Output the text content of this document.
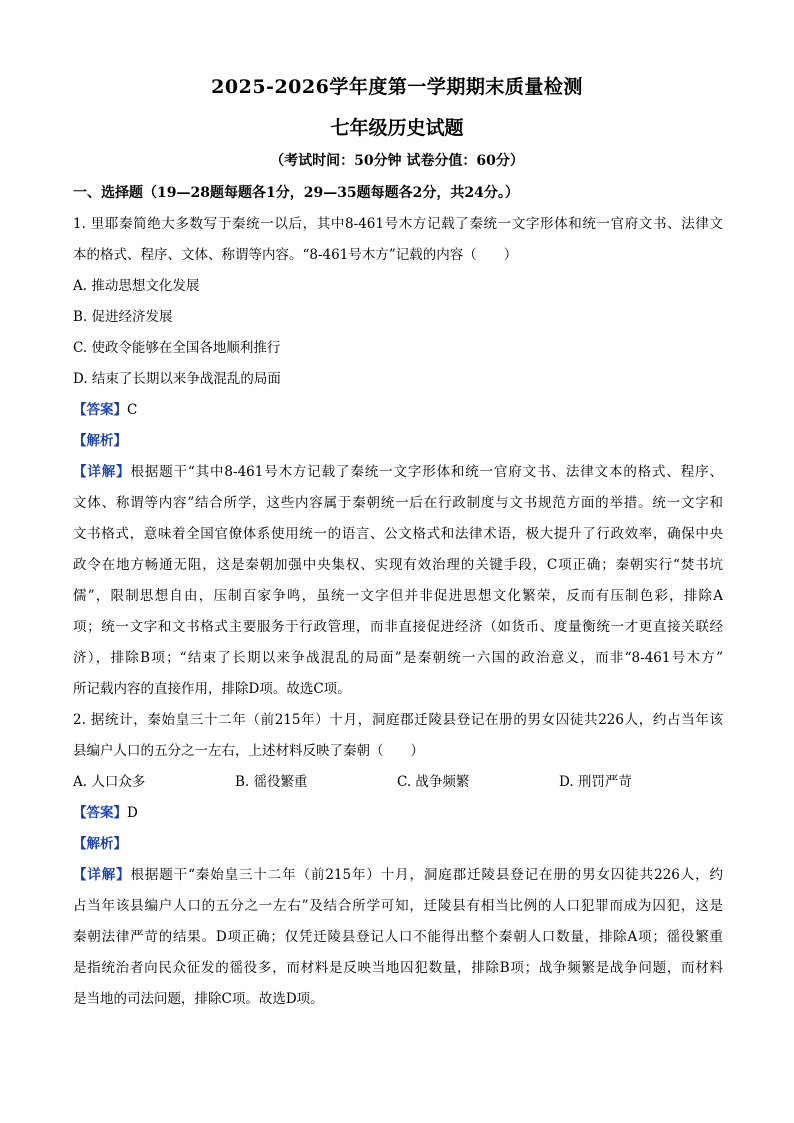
2025-2026学年度第一学期期末质量检测
七年级历史试题
（考试时间：50分钟 试卷分值：60分）
一、选择题（19—28题每题各1分，29—35题每题各2分，共24分。）
1. 里耶秦简绝大多数写于秦统一以后，其中8-461号木方记载了秦统一文字形体和统一官府文书、法律文
本的格式、程序、文体、称谓等内容。“8-461号木方”记载的内容（　　）
A. 推动思想文化发展
B. 促进经济发展
C. 使政令能够在全国各地顺利推行
D. 结束了长期以来争战混乱的局面
【答案】C
【解析】
【详解】根据题干“其中8-461号木方记载了秦统一文字形体和统一官府文书、法律文本的格式、程序、
文体、称谓等内容”结合所学，这些内容属于秦朝统一后在行政制度与文书规范方面的举措。统一文字和
文书格式，意味着全国官僚体系使用统一的语言、公文格式和法律术语，极大提升了行政效率，确保中央
政令在地方畅通无阻，这是秦朝加强中央集权、实现有效治理的关键手段，C项正确；秦朝实行“焚书坑
儒”，限制思想自由，压制百家争鸣，虽统一文字但并非促进思想文化繁荣，反而有压制色彩，排除A
项；统一文字和文书格式主要服务于行政管理，而非直接促进经济（如货币、度量衡统一才更直接关联经
济），排除B项；“结束了长期以来争战混乱的局面”是秦朝统一六国的政治意义，而非“8-461号木方”
所记载内容的直接作用，排除D项。故选C项。
2. 据统计，秦始皇三十二年（前215年）十月，洞庭郡迁陵县登记在册的男女囚徒共226人，约占当年该
县编户人口的五分之一左右，上述材料反映了秦朝（　　）
A. 人口众多	B. 徭役繁重	C. 战争频繁	D. 刑罚严苛
【答案】D
【解析】
【详解】根据题干“秦始皇三十二年（前215年）十月，洞庭郡迁陵县登记在册的男女囚徒共226人，约
占当年该县编户人口的五分之一左右”及结合所学可知，迁陵县有相当比例的人口犯罪而成为囚犯，这是
秦朝法律严苛的结果。D项正确；仅凭迁陵县登记人口不能得出整个秦朝人口数量，排除A项；徭役繁重
是指统治者向民众征发的徭役多，而材料是反映当地囚犯数量，排除B项；战争频繁是战争问题，而材料
是当地的司法问题，排除C项。故选D项。
